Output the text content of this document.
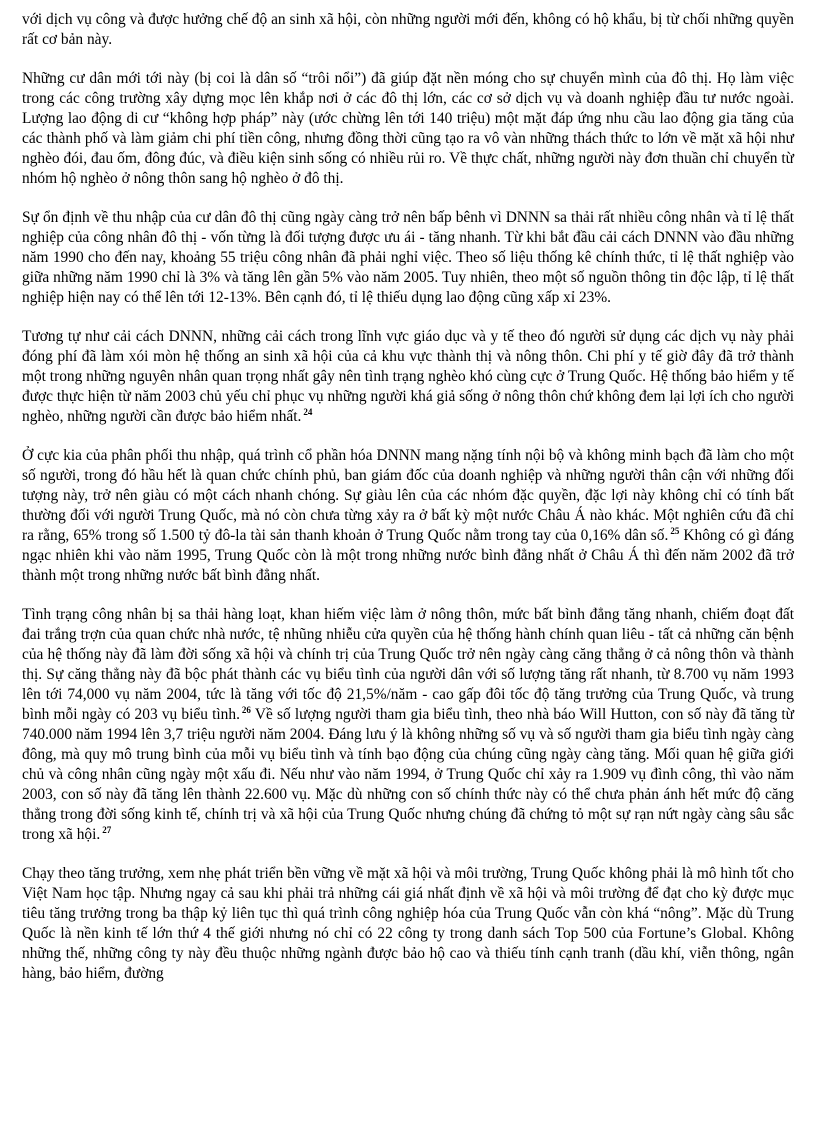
với dịch vụ công và được hưởng chế độ an sinh xã hội, còn những người mới đến, không có hộ khẩu, bị từ chối những quyền rất cơ bản này.

Những cư dân mới tới này (bị coi là dân số “trôi nổi”) đã giúp đặt nền móng cho sự chuyển mình của đô thị. Họ làm việc trong các công trường xây dựng mọc lên khắp nơi ở các đô thị lớn, các cơ sở dịch vụ và doanh nghiệp đầu tư nước ngoài. Lượng lao động di cư “không hợp pháp” này (ước chừng lên tới 140 triệu) một mặt đáp ứng nhu cầu lao động gia tăng của các thành phố và làm giảm chi phí tiền công, nhưng đồng thời cũng tạo ra vô vàn những thách thức to lớn về mặt xã hội như nghèo đói, đau ốm, đông đúc, và điều kiện sinh sống có nhiều rủi ro. Về thực chất, những người này đơn thuần chỉ chuyển từ nhóm hộ nghèo ở nông thôn sang hộ nghèo ở đô thị.

Sự ổn định về thu nhập của cư dân đô thị cũng ngày càng trở nên bấp bênh vì DNNN sa thải rất nhiều công nhân và tỉ lệ thất nghiệp của công nhân đô thị - vốn từng là đối tượng được ưu ái - tăng nhanh. Từ khi bắt đầu cải cách DNNN vào đầu những năm 1990 cho đến nay, khoảng 55 triệu công nhân đã phải nghỉ việc. Theo số liệu thống kê chính thức, tỉ lệ thất nghiệp vào giữa những năm 1990 chỉ là 3% và tăng lên gần 5% vào năm 2005. Tuy nhiên, theo một số nguồn thông tin độc lập, tỉ lệ thất nghiệp hiện nay có thể lên tới 12-13%. Bên cạnh đó, tỉ lệ thiếu dụng lao động cũng xấp xỉ 23%.

Tương tự như cải cách DNNN, những cải cách trong lĩnh vực giáo dục và y tế theo đó người sử dụng các dịch vụ này phải đóng phí đã làm xói mòn hệ thống an sinh xã hội của cả khu vực thành thị và nông thôn. Chi phí y tế giờ đây đã trở thành một trong những nguyên nhân quan trọng nhất gây nên tình trạng nghèo khó cùng cực ở Trung Quốc. Hệ thống bảo hiểm y tế được thực hiện từ năm 2003 chủ yếu chỉ phục vụ những người khá giả sống ở nông thôn chứ không đem lại lợi ích cho người nghèo, những người cần được bảo hiểm nhất. $^{24}$

Ở cực kia của phân phối thu nhập, quá trình cổ phần hóa DNNN mang nặng tính nội bộ và không minh bạch đã làm cho một số người, trong đó hầu hết là quan chức chính phủ, ban giám đốc của doanh nghiệp và những người thân cận với những đối tượng này, trở nên giàu có một cách nhanh chóng. Sự giàu lên của các nhóm đặc quyền, đặc lợi này không chỉ có tính bất thường đối với người Trung Quốc, mà nó còn chưa từng xảy ra ở bất kỳ một nước Châu Á nào khác. Một nghiên cứu đã chỉ ra rằng, 65% trong số 1.500 tỷ đô-la tài sản thanh khoản ở Trung Quốc nằm trong tay của 0,16% dân số. $^{25}$ Không có gì đáng ngạc nhiên khi vào năm 1995, Trung Quốc còn là một trong những nước bình đẳng nhất ở Châu Á thì đến năm 2002 đã trở thành một trong những nước bất bình đẳng nhất.

Tình trạng công nhân bị sa thải hàng loạt, khan hiếm việc làm ở nông thôn, mức bất bình đẳng tăng nhanh, chiếm đoạt đất đai trắng trợn của quan chức nhà nước, tệ nhũng nhiễu cửa quyền của hệ thống hành chính quan liêu - tất cả những căn bệnh của hệ thống này đã làm đời sống xã hội và chính trị của Trung Quốc trở nên ngày càng căng thẳng ở cả nông thôn và thành thị. Sự căng thẳng này đã bộc phát thành các vụ biểu tình của người dân với số lượng tăng rất nhanh, từ 8.700 vụ năm 1993 lên tới 74,000 vụ năm 2004, tức là tăng với tốc độ 21,5%/năm - cao gấp đôi tốc độ tăng trưởng của Trung Quốc, và trung bình mỗi ngày có 203 vụ biểu tình. $^{26}$ Về số lượng người tham gia biểu tình, theo nhà báo Will Hutton, con số này đã tăng từ 740.000 năm 1994 lên 3,7 triệu người năm 2004. Đáng lưu ý là không những số vụ và số người tham gia biểu tình ngày càng đông, mà quy mô trung bình của mỗi vụ biểu tình và tính bạo động của chúng cũng ngày càng tăng. Mối quan hệ giữa giới chủ và công nhân cũng ngày một xấu đi. Nếu như vào năm 1994, ở Trung Quốc chỉ xảy ra 1.909 vụ đình công, thì vào năm 2003, con số này đã tăng lên thành 22.600 vụ. Mặc dù những con số chính thức này có thể chưa phản ánh hết mức độ căng thẳng trong đời sống kinh tế, chính trị và xã hội của Trung Quốc nhưng chúng đã chứng tỏ một sự rạn nứt ngày càng sâu sắc trong xã hội. $^{27}$

Chạy theo tăng trưởng, xem nhẹ phát triển bền vững về mặt xã hội và môi trường, Trung Quốc không phải là mô hình tốt cho Việt Nam học tập. Nhưng ngay cả sau khi phải trả những cái giá nhất định về xã hội và môi trường để đạt cho kỳ được mục tiêu tăng trưởng trong ba thập kỷ liên tục thì quá trình công nghiệp hóa của Trung Quốc vẫn còn khá “nông”. Mặc dù Trung Quốc là nền kinh tế lớn thứ 4 thế giới nhưng nó chỉ có 22 công ty trong danh sách Top 500 của Fortune’s Global. Không những thế, những công ty này đều thuộc những ngành được bảo hộ cao và thiếu tính cạnh tranh (dầu khí, viễn thông, ngân hàng, bảo hiểm, đường
